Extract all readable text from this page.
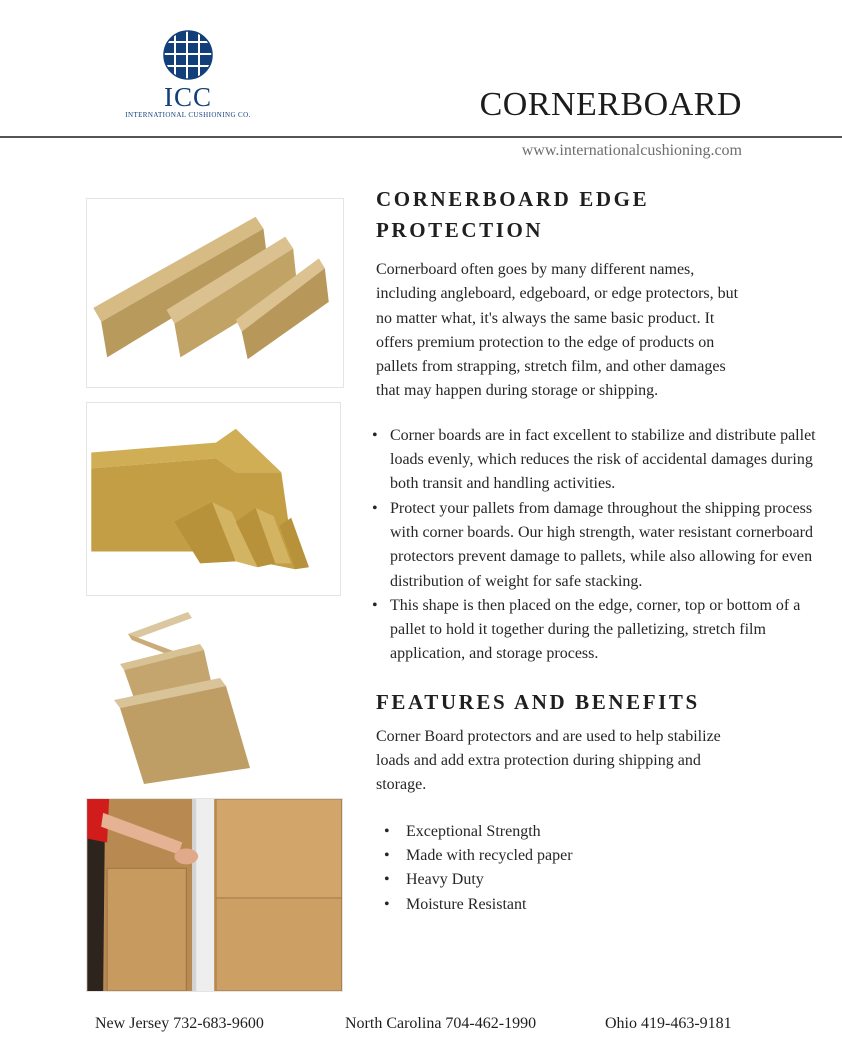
ICC
INTERNATIONAL CUSHIONING CO.	CORNERBOARD
www.internationalcushioning.com
CORNERBOARD EDGE PROTECTION

Cornerboard often goes by many different names, including angleboard, edgeboard, or edge protectors, but no matter what, it's always the same basic product. It offers premium protection to the edge of products on pallets from strapping, stretch film, and other damages that may happen during storage or shipping.

• Corner boards are in fact excellent to stabilize and distribute pallet loads evenly, which reduces the risk of accidental damages during both transit and handling activities.
• Protect your pallets from damage throughout the shipping process with corner boards. Our high strength, water resistant cornerboard protectors prevent damage to pallets, while also allowing for even distribution of weight for safe stacking.
• This shape is then placed on the edge, corner, top or bottom of a pallet to hold it together during the palletizing, stretch film application, and storage process.
FEATURES AND BENEFITS

Corner Board protectors and are used to help stabilize loads and add extra protection during shipping and storage.

• Exceptional Strength
• Made with recycled paper
• Heavy Duty
• Moisture Resistant
New Jersey 732-683-9600	North Carolina 704-462-1990	Ohio 419-463-9181
